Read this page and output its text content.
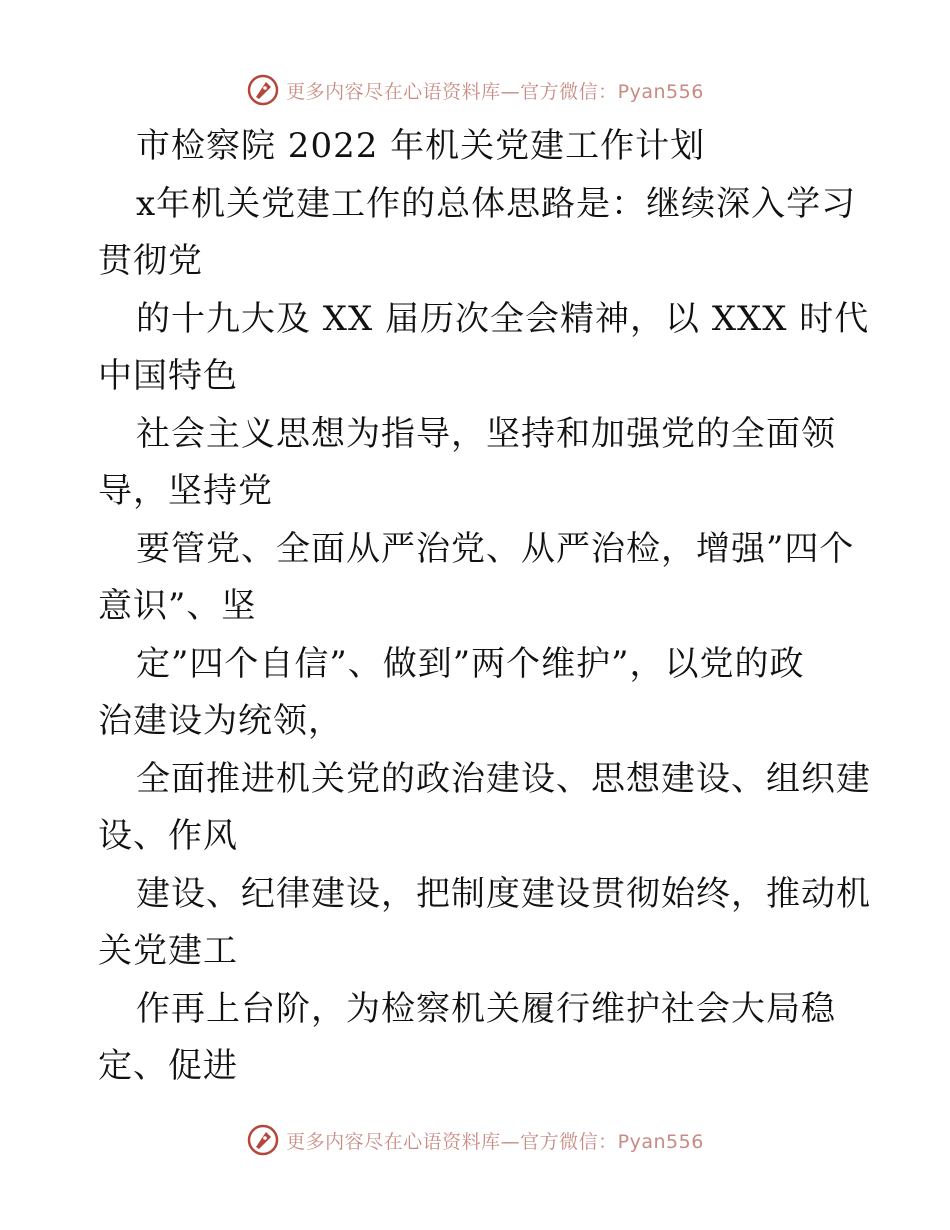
更多内容尽在心语资料库—官方微信：Pyan556
市检察院 2022 年机关党建工作计划
x年机关党建工作的总体思路是：继续深入学习
贯彻党
的十九大及 XX 届历次全会精神，以 XXX 时代
中国特色
社会主义思想为指导，坚持和加强党的全面领
导，坚持党
要管党、全面从严治党、从严治检，增强”四个
意识”、坚
定”四个自信”、做到”两个维护”，以党的政
治建设为统领，
全面推进机关党的政治建设、思想建设、组织建
设、作风
建设、纪律建设，把制度建设贯彻始终，推动机
关党建工
作再上台阶，为检察机关履行维护社会大局稳
定、促进
更多内容尽在心语资料库—官方微信：Pyan556
